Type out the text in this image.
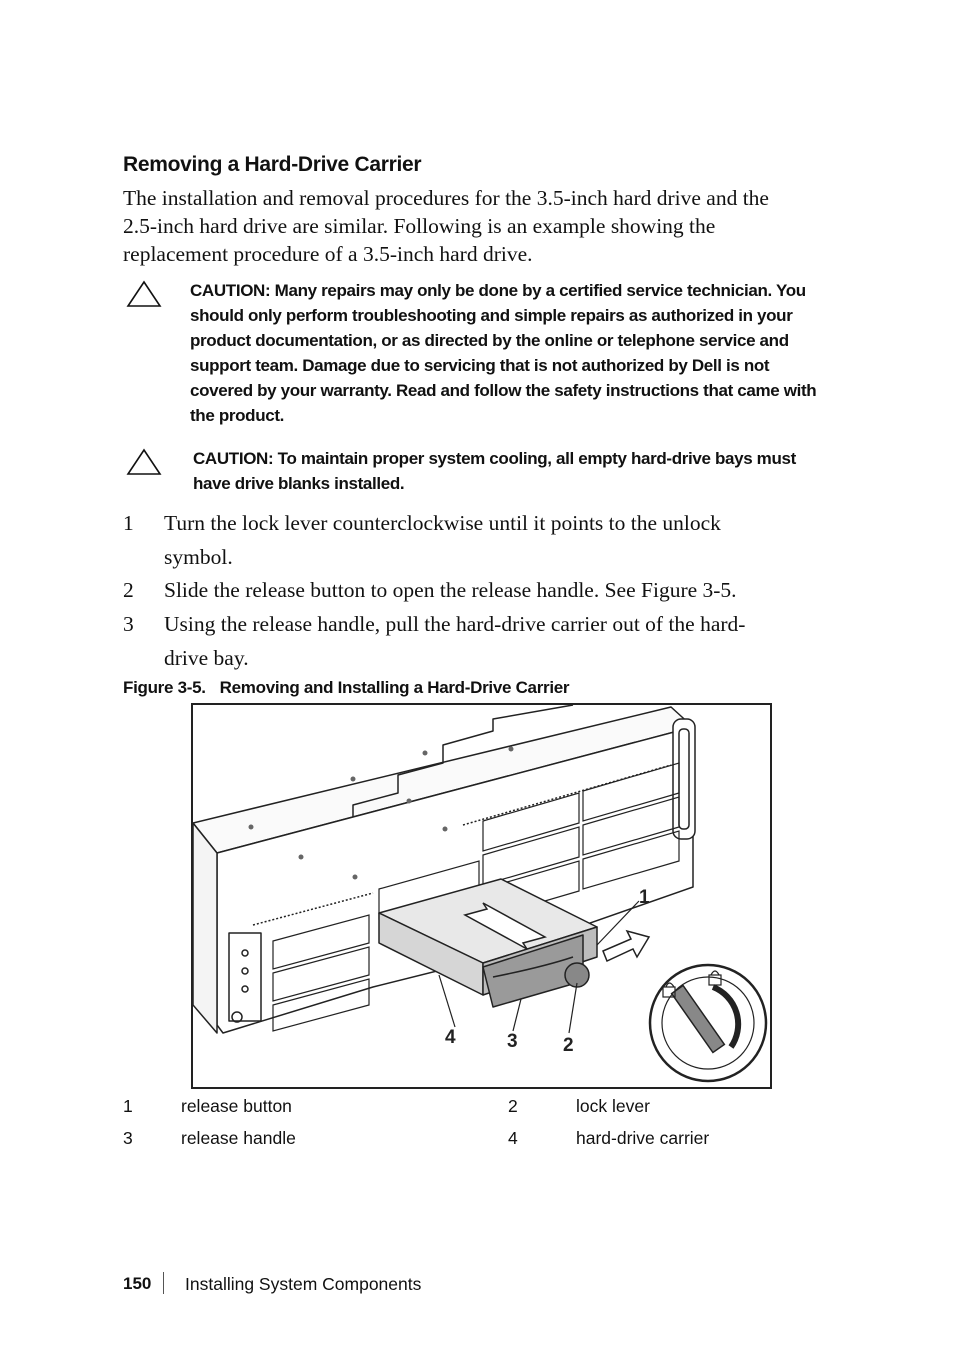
Removing a Hard-Drive Carrier
The installation and removal procedures for the 3.5-inch hard drive and the
2.5-inch hard drive are similar. Following is an example showing the
replacement procedure of a 3.5-inch hard drive.
CAUTION: Many repairs may only be done by a certified service technician. You
should only perform troubleshooting and simple repairs as authorized in your
product documentation, or as directed by the online or telephone service and
support team. Damage due to servicing that is not authorized by Dell is not
covered by your warranty. Read and follow the safety instructions that came with
the product.
CAUTION: To maintain proper system cooling, all empty hard-drive bays must
have drive blanks installed.
1 Turn the lock lever counterclockwise until it points to the unlock
symbol.
2 Slide the release button to open the release handle. See Figure 3-5.
3 Using the release handle, pull the hard-drive carrier out of the hard-
drive bay.
Figure 3-5. Removing and Installing a Hard-Drive Carrier
1
2
3
4
1	release button	2	lock lever
3	release handle	4	hard-drive carrier
150 Installing System Components
